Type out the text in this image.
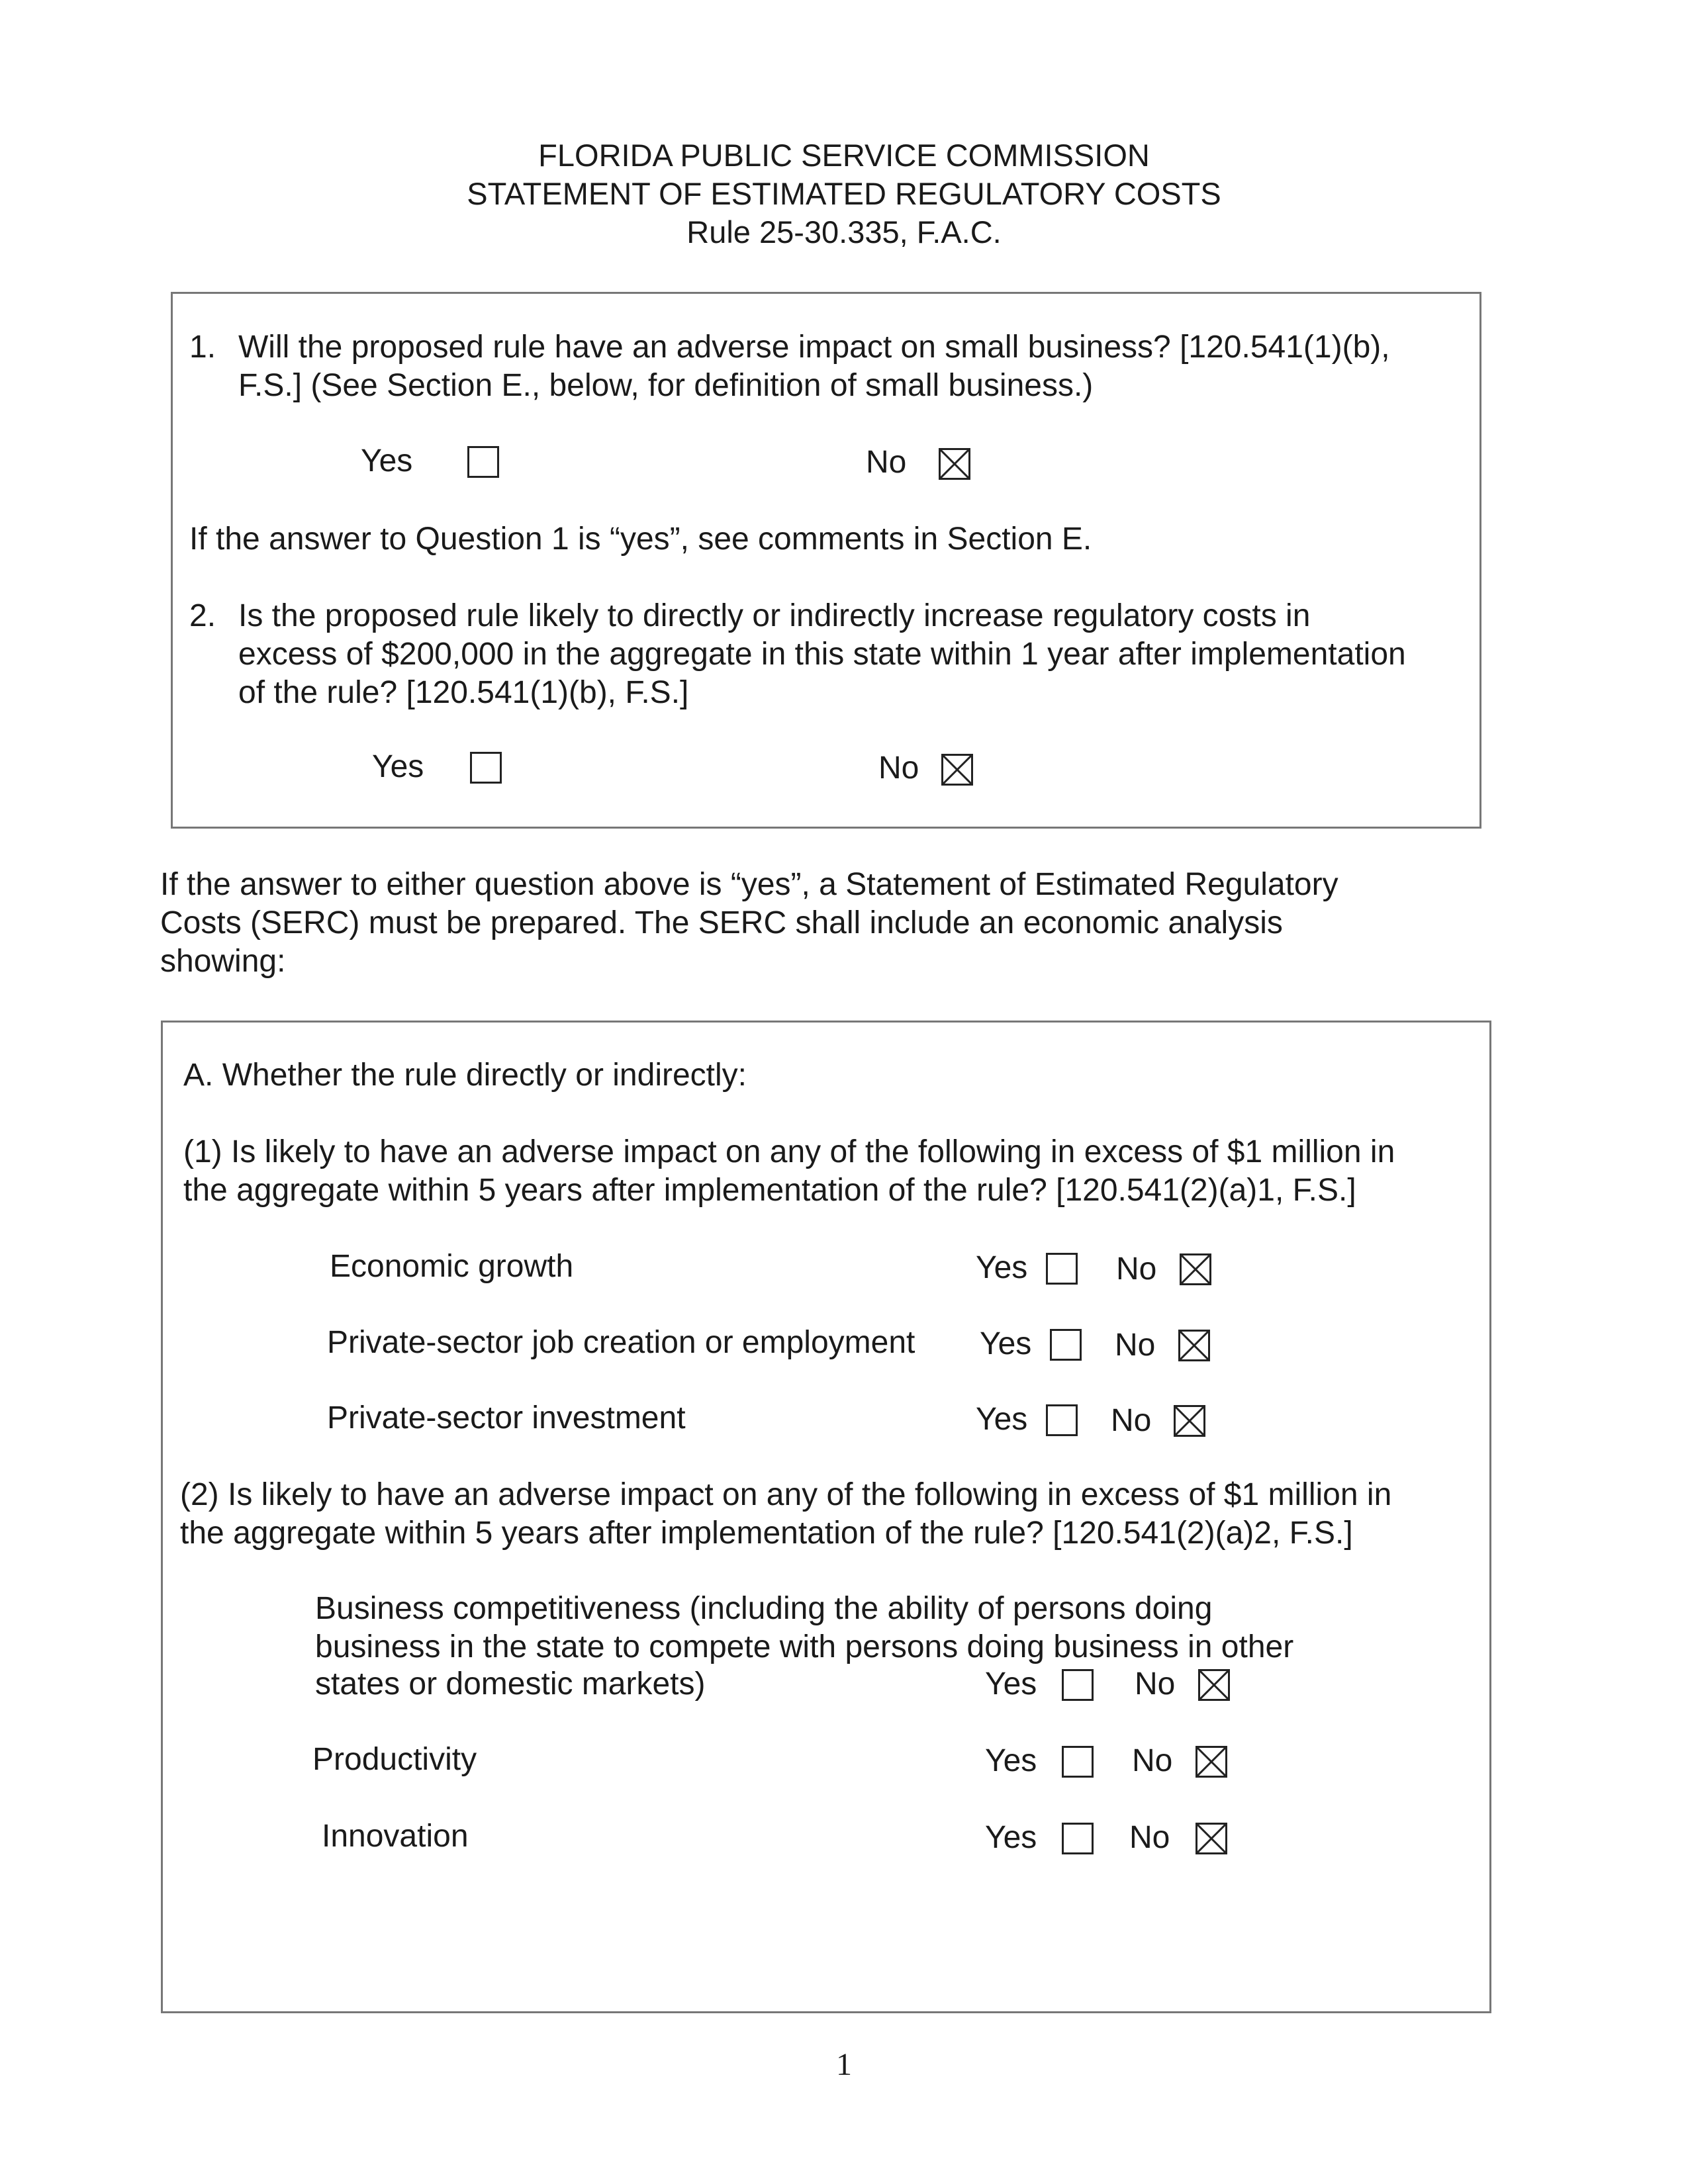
FLORIDA PUBLIC SERVICE COMMISSION
STATEMENT OF ESTIMATED REGULATORY COSTS
Rule 25-30.335, F.A.C.
1. Will the proposed rule have an adverse impact on small business? [120.541(1)(b),
F.S.] (See Section E., below, for definition of small business.)
Yes	No
If the answer to Question 1 is “yes”, see comments in Section E.
2. Is the proposed rule likely to directly or indirectly increase regulatory costs in
excess of $200,000 in the aggregate in this state within 1 year after implementation
of the rule? [120.541(1)(b), F.S.]
Yes	No
If the answer to either question above is “yes”, a Statement of Estimated Regulatory
Costs (SERC) must be prepared. The SERC shall include an economic analysis
showing:
A. Whether the rule directly or indirectly:
(1) Is likely to have an adverse impact on any of the following in excess of $1 million in
the aggregate within 5 years after implementation of the rule? [120.541(2)(a)1, F.S.]
Economic growth	Yes	No
Private-sector job creation or employment Yes	No
Private-sector investment	Yes	No
(2) Is likely to have an adverse impact on any of the following in excess of $1 million in
the aggregate within 5 years after implementation of the rule? [120.541(2)(a)2, F.S.]
Business competitiveness (including the ability of persons doing
business in the state to compete with persons doing business in other
states or domestic markets)	Yes	No
Productivity	Yes	No
Innovation	Yes	No
1
